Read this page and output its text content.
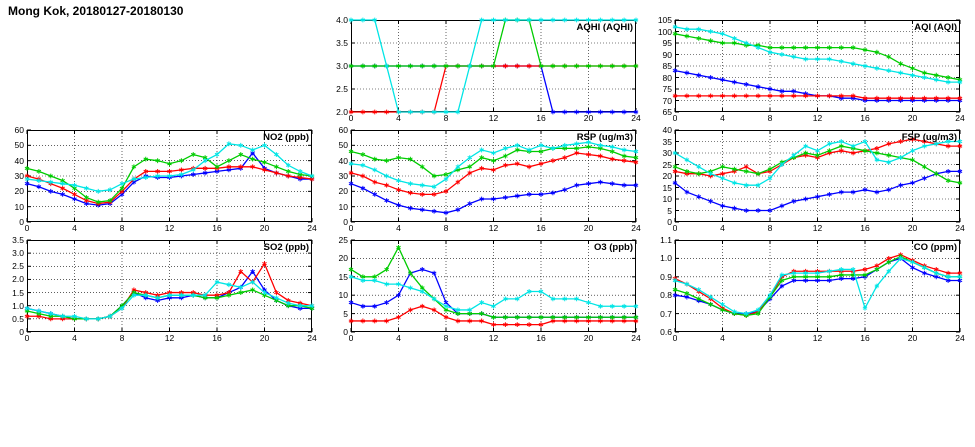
Mong Kok, 20180127-20180130
AQHI (AQHI)
0	4	8	12	16	20	24
2.0
2.5
3.0
3.5
4.0
AQI (AQI)
0	4	8	12	16	20	24
65
70
75
80
85
90
95
100
105
NO2 (ppb)
0	4	8	12	16	20	24
0
10
20
30
40
50
60
RSP (ug/m3)
0	4	8	12	16	20	24
0
10
20
30
40
50
60
FSP (ug/m3)
0	4	8	12	16	20	24
0
5
10
15
20
25
30
35
40
SO2 (ppb)
0	4	8	12	16	20	24
0
0.5
1.0
1.5
2.0
2.5
3.0
3.5
O3 (ppb)
0	4	8	12	16	20	24
0
5
10
15
20
25
CO (ppm)
0	4	8	12	16	20	24
0.6
0.7
0.8
0.9
1.0
1.1
